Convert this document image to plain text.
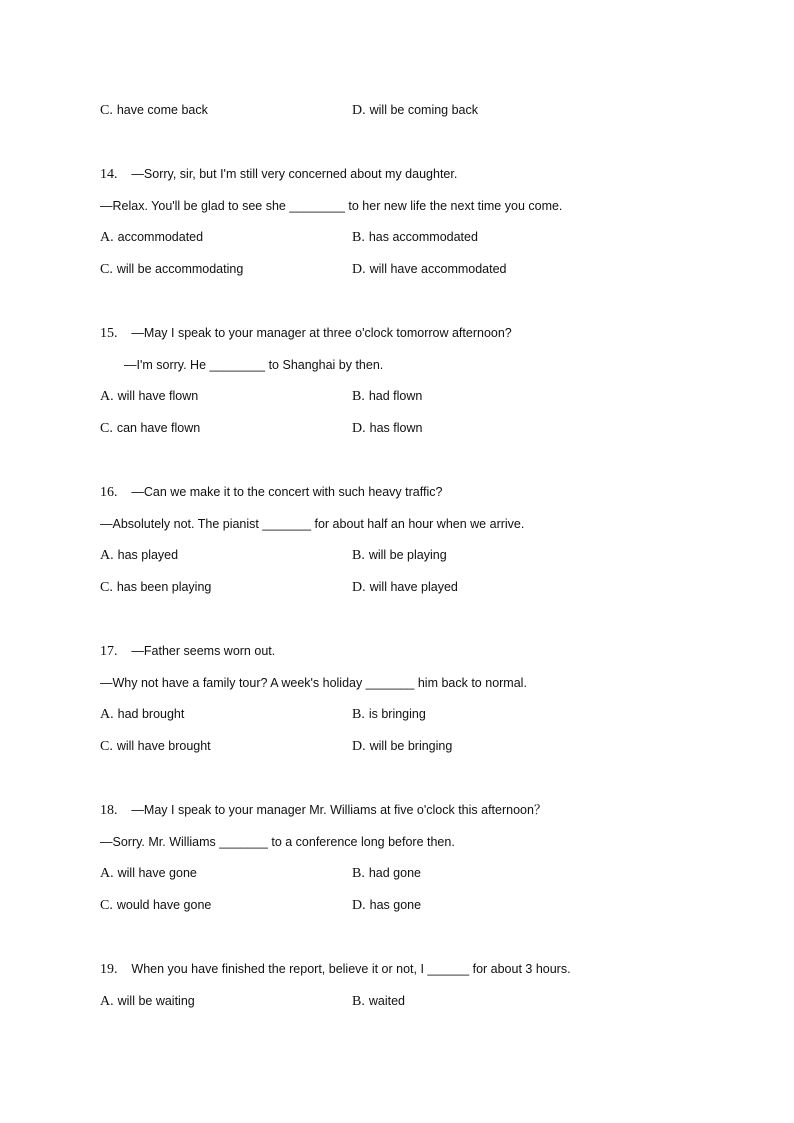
C. have come back	D. will be coming back
14. —Sorry, sir, but I'm still very concerned about my daughter.
—Relax. You'll be glad to see she ________ to her new life the next time you come.
A. accommodated	B. has accommodated
C. will be accommodating	D. will have accommodated
15. —May I speak to your manager at three o'clock tomorrow afternoon?
—I'm sorry. He ________ to Shanghai by then.
A. will have flown	B. had flown
C. can have flown	D. has flown
16. —Can we make it to the concert with such heavy traffic?
—Absolutely not. The pianist _______ for about half an hour when we arrive.
A. has played	B. will be playing
C. has been playing	D. will have played
17. —Father seems worn out.
—Why not have a family tour? A week's holiday _______ him back to normal.
A. had brought	B. is bringing
C. will have brought	D. will be bringing
18. —May I speak to your manager Mr. Williams at five o'clock this afternoon？
—Sorry. Mr. Williams _______ to a conference long before then.
A. will have gone	B. had gone
C. would have gone	D. has gone
19. When you have finished the report, believe it or not, I ______ for about 3 hours.
A. will be waiting	B. waited
